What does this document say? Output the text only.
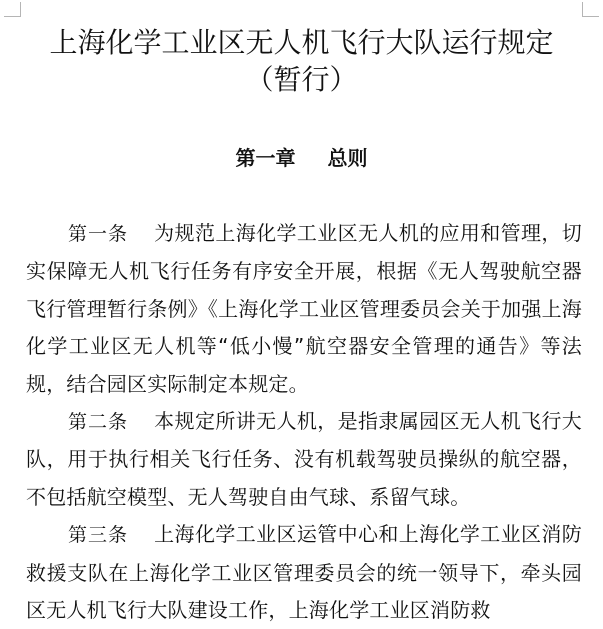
上海化学工业区无人机飞行大队运行规定
（暂行）
第一章 总则

第一条 为规范上海化学工业区无人机的应用和管理，切实保障无人机飞行任务有序安全开展，根据《无人驾驶航空器飞行管理暂行条例》《上海化学工业区管理委员会关于加强上海化学工业区无人机等“低小慢”航空器安全管理的通告》等法规，结合园区实际制定本规定。

第二条 本规定所讲无人机，是指隶属园区无人机飞行大队，用于执行相关飞行任务、没有机载驾驶员操纵的航空器，不包括航空模型、无人驾驶自由气球、系留气球。

第三条 上海化学工业区运管中心和上海化学工业区消防救援支队在上海化学工业区管理委员会的统一领导下，牵头园区无人机飞行大队建设工作，上海化学工业区消防救
